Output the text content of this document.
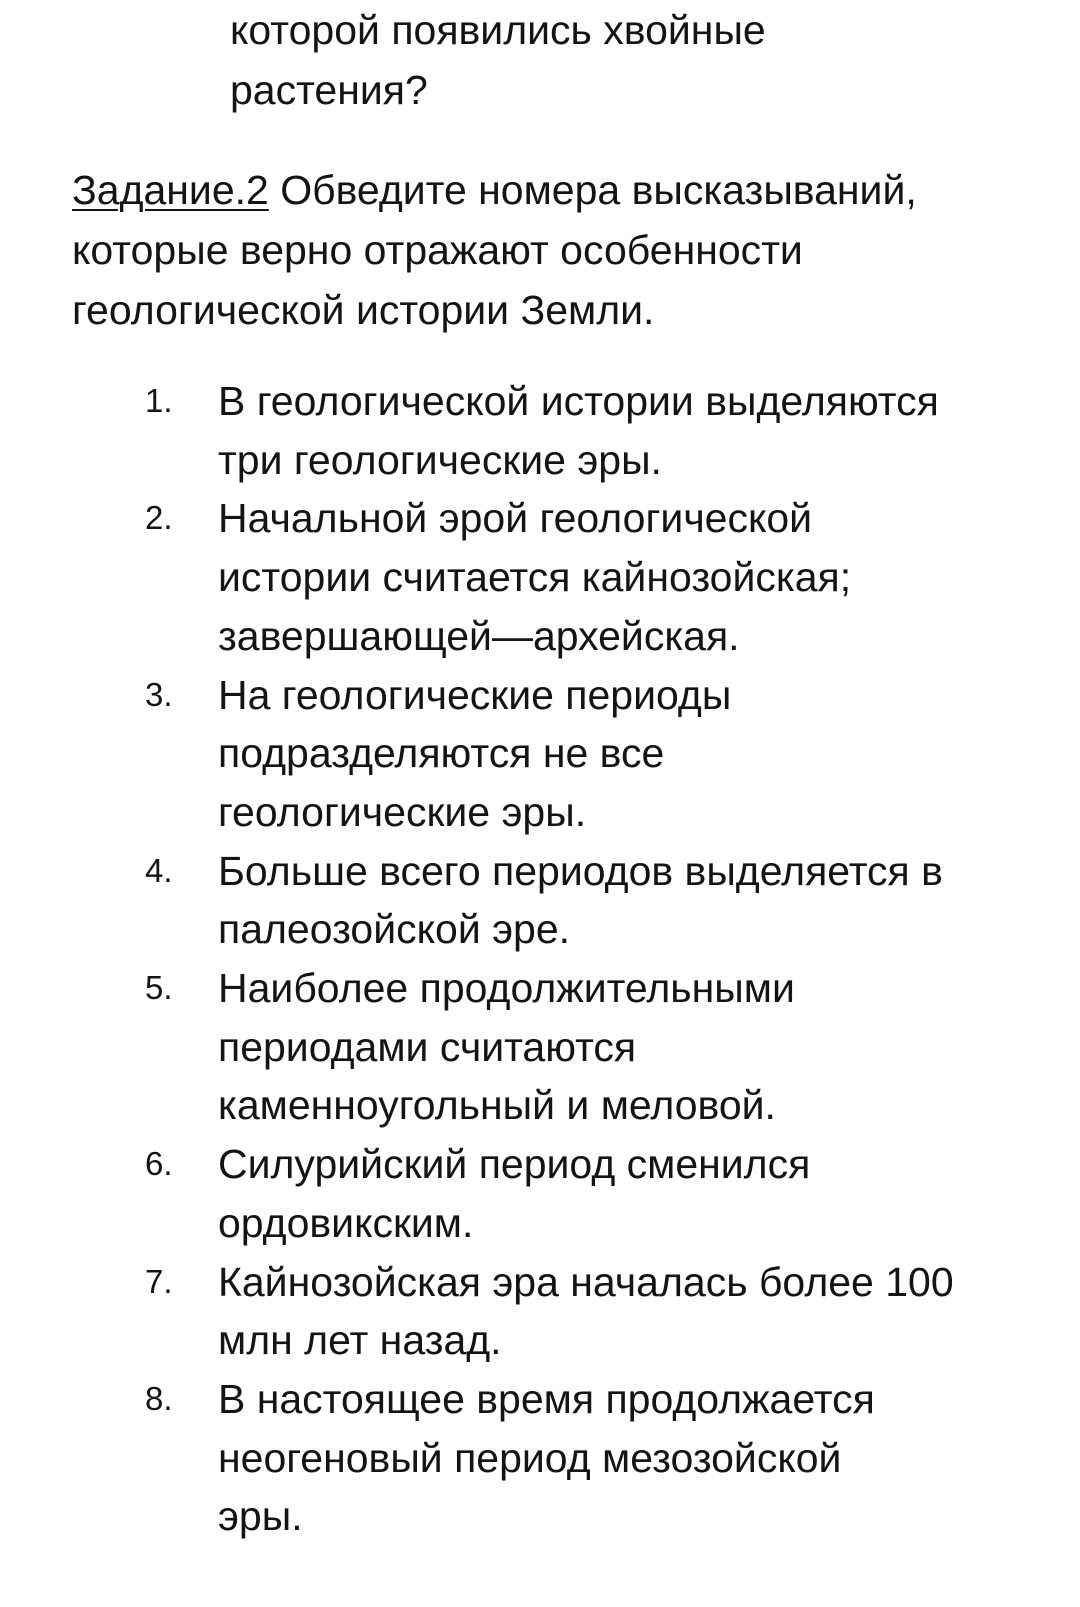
которой появились хвойные
растения?
Задание.2 Обведите номера высказываний,
которые верно отражают особенности
геологической истории Земли.
1.	В геологической истории выделяются
три геологические эры.
2.	Начальной эрой геологической
истории считается кайнозойская;
завершающей—архейская.
3.	На геологические периоды
подразделяются не все
геологические эры.
4.	Больше всего периодов выделяется в
палеозойской эре.
5.	Наиболее продолжительными
периодами считаются
каменноугольный и меловой.
6.	Силурийский период сменился
ордовикским.
7.	Кайнозойская эра началась более 100
млн лет назад.
8.	В настоящее время продолжается
неогеновый период мезозойской
эры.
